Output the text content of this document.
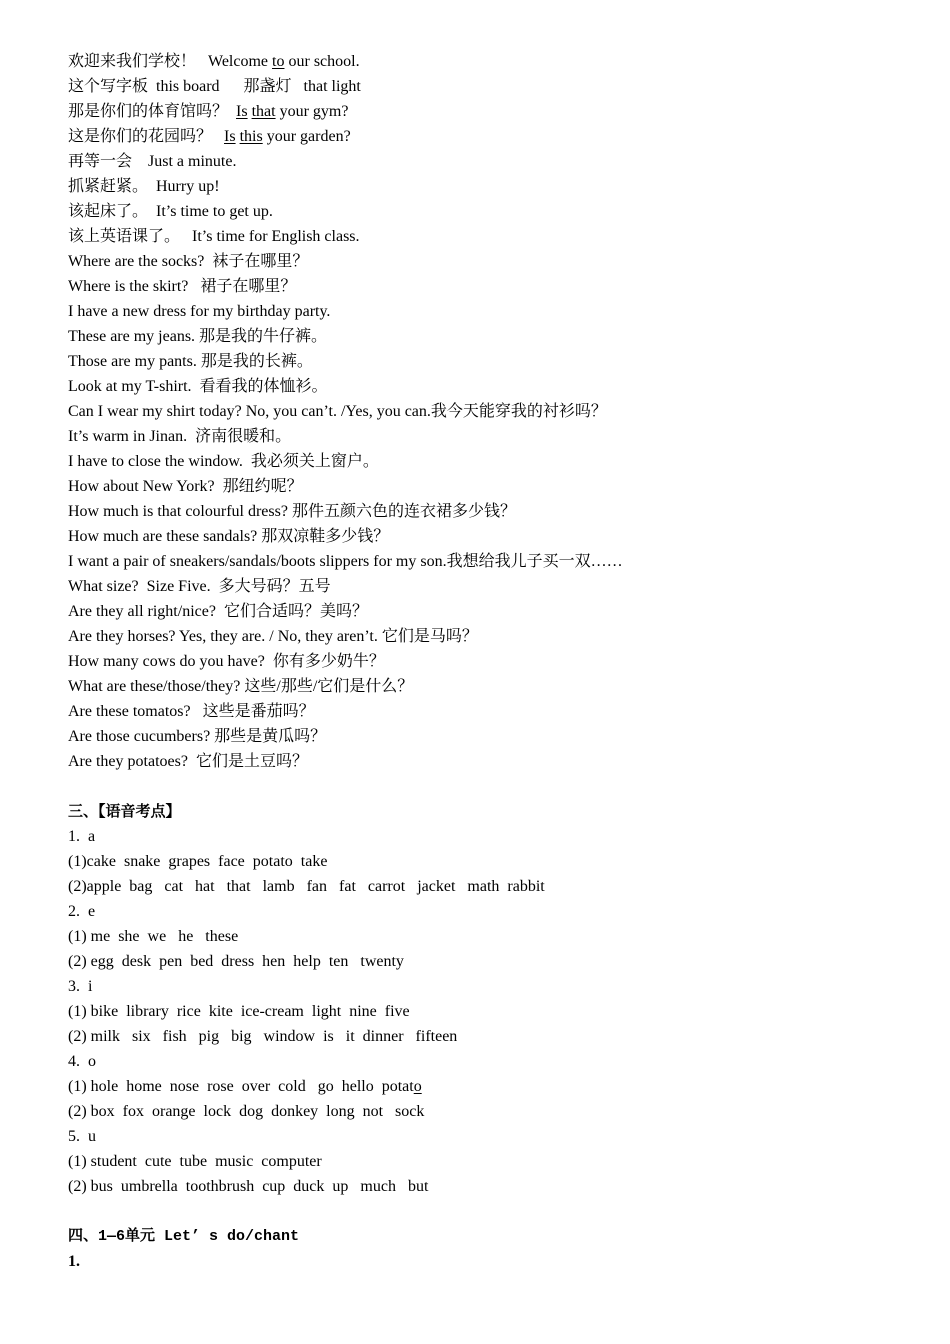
欢迎来我们学校！   Welcome to our school.
这个写字板  this board      那盏灯   that light
那是你们的体育馆吗？  Is that your gym?
这是你们的花园吗？   Is this your garden?
再等一会    Just a minute.
抓紧赶紧。  Hurry up!
该起床了。  It’s time to get up.
该上英语课了。   It’s time for English class.
Where are the socks?  袜子在哪里？
Where is the skirt?   裙子在哪里？
I have a new dress for my birthday party.
These are my jeans. 那是我的牛仔裤。
Those are my pants. 那是我的长裤。
Look at my T-shirt.  看看我的体恤衫。
Can I wear my shirt today? No, you can’t. /Yes, you can.我今天能穿我的衬衫吗？
It’s warm in Jinan.  济南很暖和。
I have to close the window.  我必须关上窗户。
How about New York?  那纽约呢？
How much is that colourful dress? 那件五颜六色的连衣裙多少钱？
How much are these sandals? 那双凉鞋多少钱？
I want a pair of sneakers/sandals/boots slippers for my son.我想给我儿子买一双……
What size?  Size Five.  多大号码？五号
Are they all right/nice?  它们合适吗？美吗？
Are they horses? Yes, they are. / No, they aren’t. 它们是马吗？
How many cows do you have?  你有多少奶牛？
What are these/those/they? 这些/那些/它们是什么？
Are these tomatos?   这些是番茄吗？
Are those cucumbers? 那些是黄瓜吗？
Are they potatoes?  它们是土豆吗？
三、【语音考点】
1.  a
(1)cake  snake  grapes  face  potato  take
(2)apple  bag   cat   hat   that   lamb   fan   fat   carrot   jacket   math  rabbit
2.  e
(1) me  she  we   he   these
(2) egg  desk  pen  bed  dress  hen  help  ten   twenty
3.  i
(1) bike  library  rice  kite  ice-cream  light  nine  five
(2) milk   six   fish   pig   big   window  is   it  dinner   fifteen
4.  o
(1) hole  home  nose  rose  over  cold   go  hello  potato
(2) box  fox  orange  lock  dog  donkey  long  not   sock
5.  u
(1) student  cute  tube  music  computer
(2) bus  umbrella  toothbrush  cup  duck  up   much   but
四、1—6单元 Let’ s do/chant
1.
